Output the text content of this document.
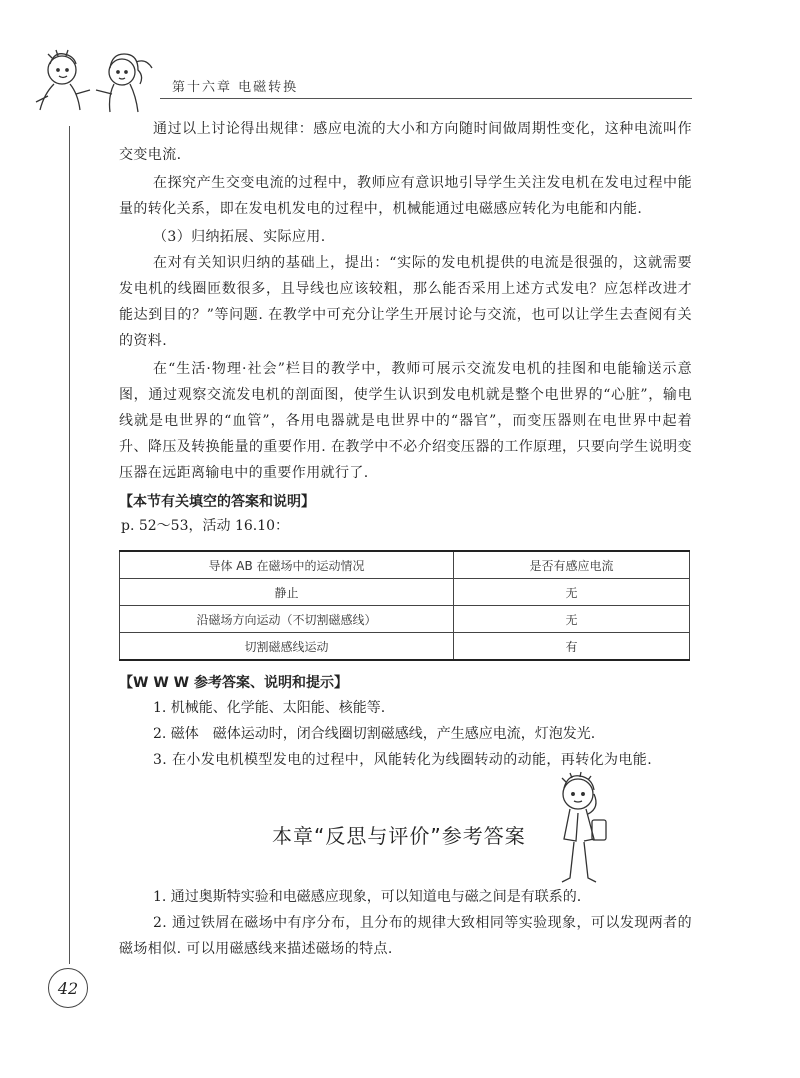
第十六章 电磁转换

通过以上讨论得出规律：感应电流的大小和方向随时间做周期性变化，这种电流叫作交变电流.

在探究产生交变电流的过程中，教师应有意识地引导学生关注发电机在发电过程中能量的转化关系，即在发电机发电的过程中，机械能通过电磁感应转化为电能和内能.

（3）归纳拓展、实际应用.

在对有关知识归纳的基础上，提出：“实际的发电机提供的电流是很强的，这就需要发电机的线圈匝数很多，且导线也应该较粗，那么能否采用上述方式发电？应怎样改进才能达到目的？”等问题. 在教学中可充分让学生开展讨论与交流，也可以让学生去查阅有关的资料.

在“生活·物理·社会”栏目的教学中，教师可展示交流发电机的挂图和电能输送示意图，通过观察交流发电机的剖面图，使学生认识到发电机就是整个电世界的“心脏”，输电线就是电世界的“血管”，各用电器就是电世界中的“器官”，而变压器则在电世界中起着升、降压及转换能量的重要作用. 在教学中不必介绍变压器的工作原理，只要向学生说明变压器在远距离输电中的重要作用就行了.

【本节有关填空的答案和说明】
p. 52～53，活动 16.10：
导体 AB 在磁场中的运动情况	是否有感应电流
静止	无
沿磁场方向运动（不切割磁感线）	无
切割磁感线运动	有
【W W W 参考答案、说明和提示】

1. 机械能、化学能、太阳能、核能等.

2. 磁体　磁体运动时，闭合线圈切割磁感线，产生感应电流，灯泡发光.

3. 在小发电机模型发电的过程中，风能转化为线圈转动的动能，再转化为电能.

本章“反思与评价”参考答案

1. 通过奥斯特实验和电磁感应现象，可以知道电与磁之间是有联系的.

2. 通过铁屑在磁场中有序分布，且分布的规律大致相同等实验现象，可以发现两者的磁场相似. 可以用磁感线来描述磁场的特点.

42
